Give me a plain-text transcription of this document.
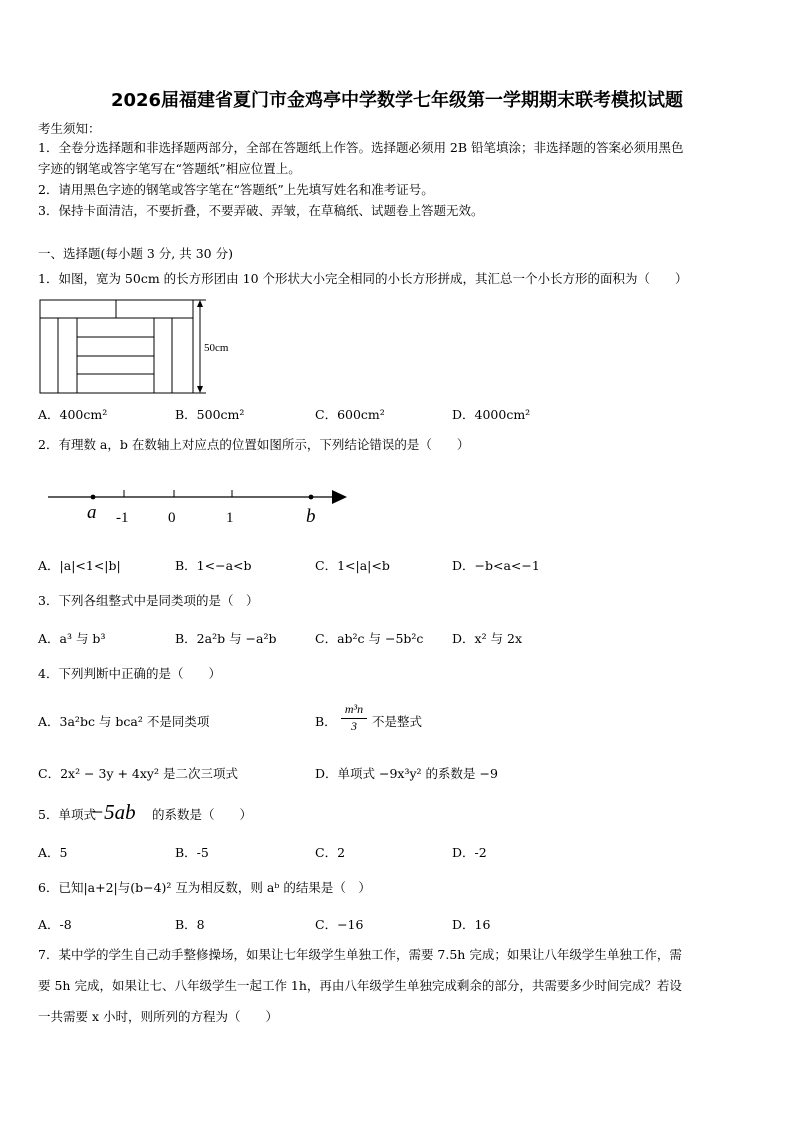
2026届福建省夏门市金鸡亭中学数学七年级第一学期期末联考模拟试题
考生须知：
1．全卷分选择题和非选择题两部分，全部在答题纸上作答。选择题必须用 2B 铅笔填涂；非选择题的答案必须用黑色
字迹的钢笔或答字笔写在“答题纸”相应位置上。
2．请用黑色字迹的钢笔或答字笔在“答题纸”上先填写姓名和准考证号。
3．保持卡面清洁，不要折叠，不要弄破、弄皱，在草稿纸、试题卷上答题无效。
一、选择题(每小题 3 分, 共 30 分)
1．如图，宽为 50cm 的长方形团由 10 个形状大小完全相同的小长方形拼成，其汇总一个小长方形的面积为（　　）
50cm
A．400cm²	B．500cm²	C．600cm²	D．4000cm²
2．有理数 a，b 在数轴上对应点的位置如图所示，下列结论错误的是（　　）
a -1	0	1	b
A．|a|<1<|b|	B．1<−a<b	C．1<|a|<b	D．−b<a<−1
3．下列各组整式中是同类项的是（　）
A．a³ 与 b³	B．2a²b 与 −a²b	C．ab²c 与 −5b²c D．x² 与 2x
4．下列判断中正确的是（　　）
A．3a²bc 与 bca² 不是同类项	B． $\frac{\text{m³n}}{3}$ 不是整式
C．2x² − 3y + 4xy² 是二次三项式	D．单项式 −9x³y² 的系数是 −9
5．单项式
−5ab 的系数是（　　）
A．5	B．-5	C．2	D．-2
6．已知|a+2|与(b−4)² 互为相反数，则 aᵇ 的结果是（　）
A．-8	B．8	C．−16	D．16
7．某中学的学生自己动手整修操场，如果让七年级学生单独工作，需要 7.5h 完成；如果让八年级学生单独工作，需
要 5h 完成，如果让七、八年级学生一起工作 1h，再由八年级学生单独完成剩余的部分，共需要多少时间完成？若设
一共需要 x 小时，则所列的方程为（　　）
